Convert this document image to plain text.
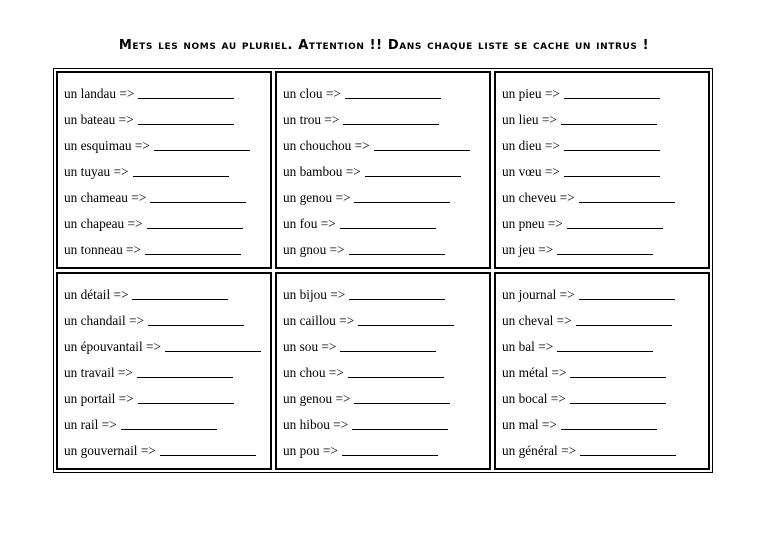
Mets les noms au pluriel. Attention !! Dans chaque liste se cache un intrus !
un landau =>
un bateau =>
un esquimau =>
un tuyau =>
un chameau =>
un chapeau =>
un tonneau =>
un clou =>
un trou =>
un chouchou =>
un bambou =>
un genou =>
un fou =>
un gnou =>
un pieu =>
un lieu =>
un dieu =>
un vœu =>
un cheveu =>
un pneu =>
un jeu =>
un détail =>
un chandail =>
un épouvantail =>
un travail =>
un portail =>
un rail =>
un gouvernail =>
un bijou =>
un caillou =>
un sou =>
un chou =>
un genou =>
un hibou =>
un pou =>
un journal =>
un cheval =>
un bal =>
un métal =>
un bocal =>
un mal =>
un général =>
